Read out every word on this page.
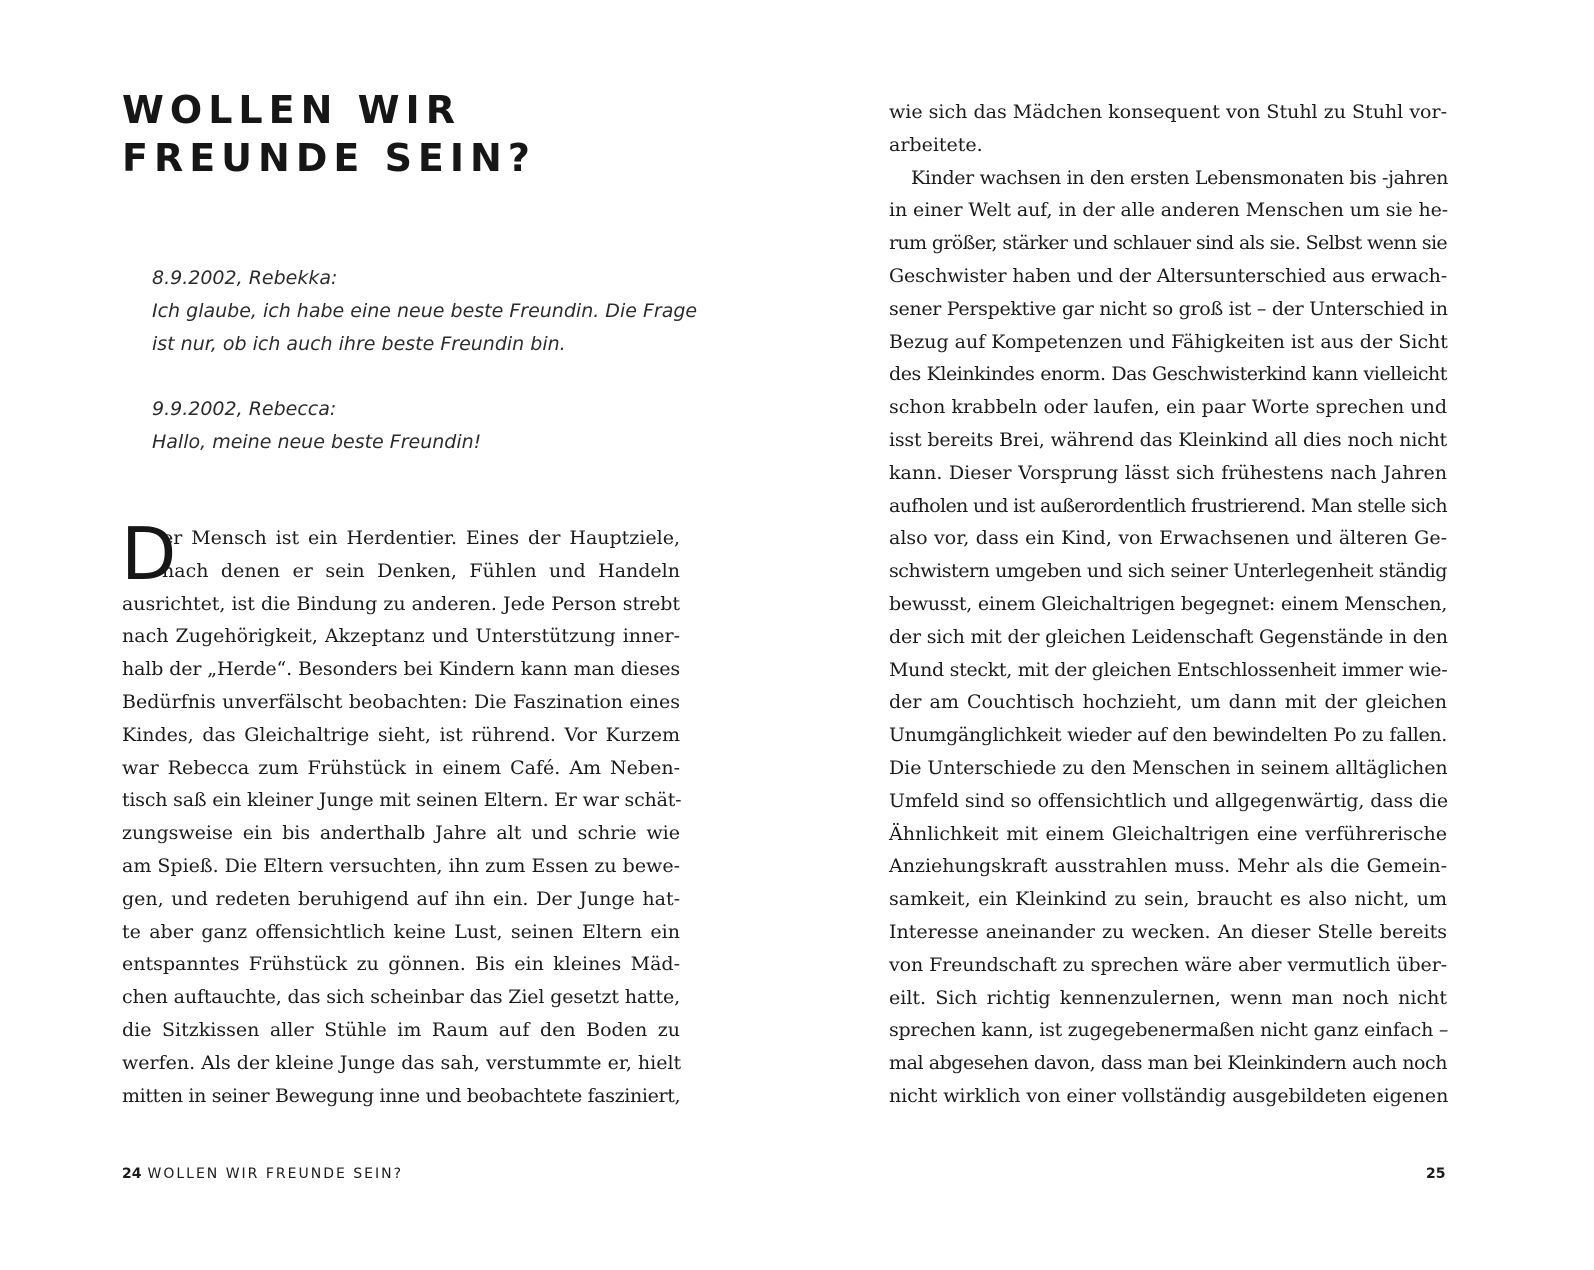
WOLLEN WIR
FREUNDE SEIN?
8.9.2002, Rebekka:
Ich glaube, ich habe eine neue beste Freundin. Die Frage
ist nur, ob ich auch ihre beste Freundin bin.
9.9.2002, Rebecca:
Hallo, meine neue beste Freundin!
D
er Mensch ist ein Herdentier. Eines der Hauptziele,
nach denen er sein Denken, Fühlen und Handeln
ausrichtet, ist die Bindung zu anderen. Jede Person strebt
nach Zugehörigkeit, Akzeptanz und Unterstützung inner-
halb der „Herde“. Besonders bei Kindern kann man dieses
Bedürfnis unverfälscht beobachten: Die Faszination eines
Kindes, das Gleichaltrige sieht, ist rührend. Vor Kurzem
war Rebecca zum Frühstück in einem Café. Am Neben-
tisch saß ein kleiner Junge mit seinen Eltern. Er war schät-
zungsweise ein bis anderthalb Jahre alt und schrie wie
am Spieß. Die Eltern versuchten, ihn zum Essen zu bewe-
gen, und redeten beruhigend auf ihn ein. Der Junge hat-
te aber ganz offensichtlich keine Lust, seinen Eltern ein
entspanntes Frühstück zu gönnen. Bis ein kleines Mäd-
chen auftauchte, das sich scheinbar das Ziel gesetzt hatte,
die Sitzkissen aller Stühle im Raum auf den Boden zu
werfen. Als der kleine Junge das sah, verstummte er, hielt
mitten in seiner Bewegung inne und beobachtete fasziniert,
24 WOLLEN WIR FREUNDE SEIN?
wie sich das Mädchen konsequent von Stuhl zu Stuhl vor-
arbeitete.
Kinder wachsen in den ersten Lebensmonaten bis -jahren
in einer Welt auf, in der alle anderen Menschen um sie he-
rum größer, stärker und schlauer sind als sie. Selbst wenn sie
Geschwister haben und der Altersunterschied aus erwach-
sener Perspektive gar nicht so groß ist – der Unterschied in
Bezug auf Kompetenzen und Fähigkeiten ist aus der Sicht
des Kleinkindes enorm. Das Geschwisterkind kann vielleicht
schon krabbeln oder laufen, ein paar Worte sprechen und
isst bereits Brei, während das Kleinkind all dies noch nicht
kann. Dieser Vorsprung lässt sich frühestens nach Jahren
aufholen und ist außerordentlich frustrierend. Man stelle sich
also vor, dass ein Kind, von Erwachsenen und älteren Ge-
schwistern umgeben und sich seiner Unterlegenheit ständig
bewusst, einem Gleichaltrigen begegnet: einem Menschen,
der sich mit der gleichen Leidenschaft Gegenstände in den
Mund steckt, mit der gleichen Entschlossenheit immer wie-
der am Couchtisch hochzieht, um dann mit der gleichen
Unumgänglichkeit wieder auf den bewindelten Po zu fallen.
Die Unterschiede zu den Menschen in seinem alltäglichen
Umfeld sind so offensichtlich und allgegenwärtig, dass die
Ähnlichkeit mit einem Gleichaltrigen eine verführerische
Anziehungskraft ausstrahlen muss. Mehr als die Gemein-
samkeit, ein Kleinkind zu sein, braucht es also nicht, um
Interesse aneinander zu wecken. An dieser Stelle bereits
von Freundschaft zu sprechen wäre aber vermutlich über-
eilt. Sich richtig kennenzulernen, wenn man noch nicht
sprechen kann, ist zugegebenermaßen nicht ganz einfach –
mal abgesehen davon, dass man bei Kleinkindern auch noch
nicht wirklich von einer vollständig ausgebildeten eigenen
25
